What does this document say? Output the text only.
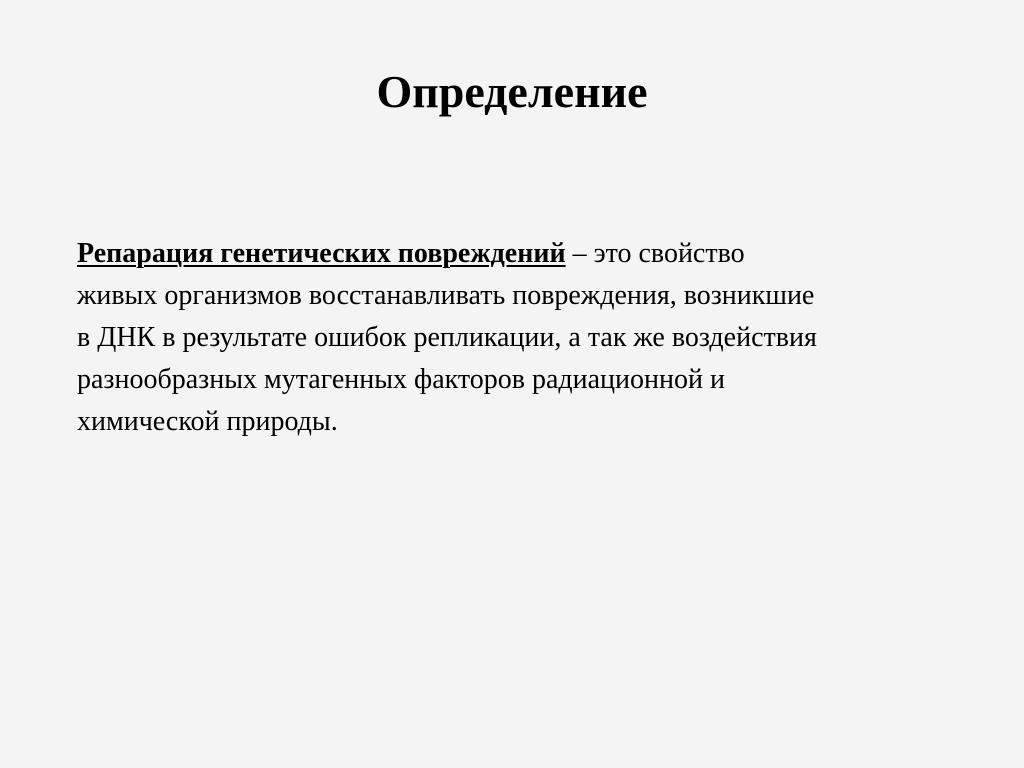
Определение

Репарация генетических повреждений – это свойство
живых организмов восстанавливать повреждения, возникшие
в ДНК в результате ошибок репликации, а так же воздействия
разнообразных мутагенных факторов радиационной и
химической природы.
